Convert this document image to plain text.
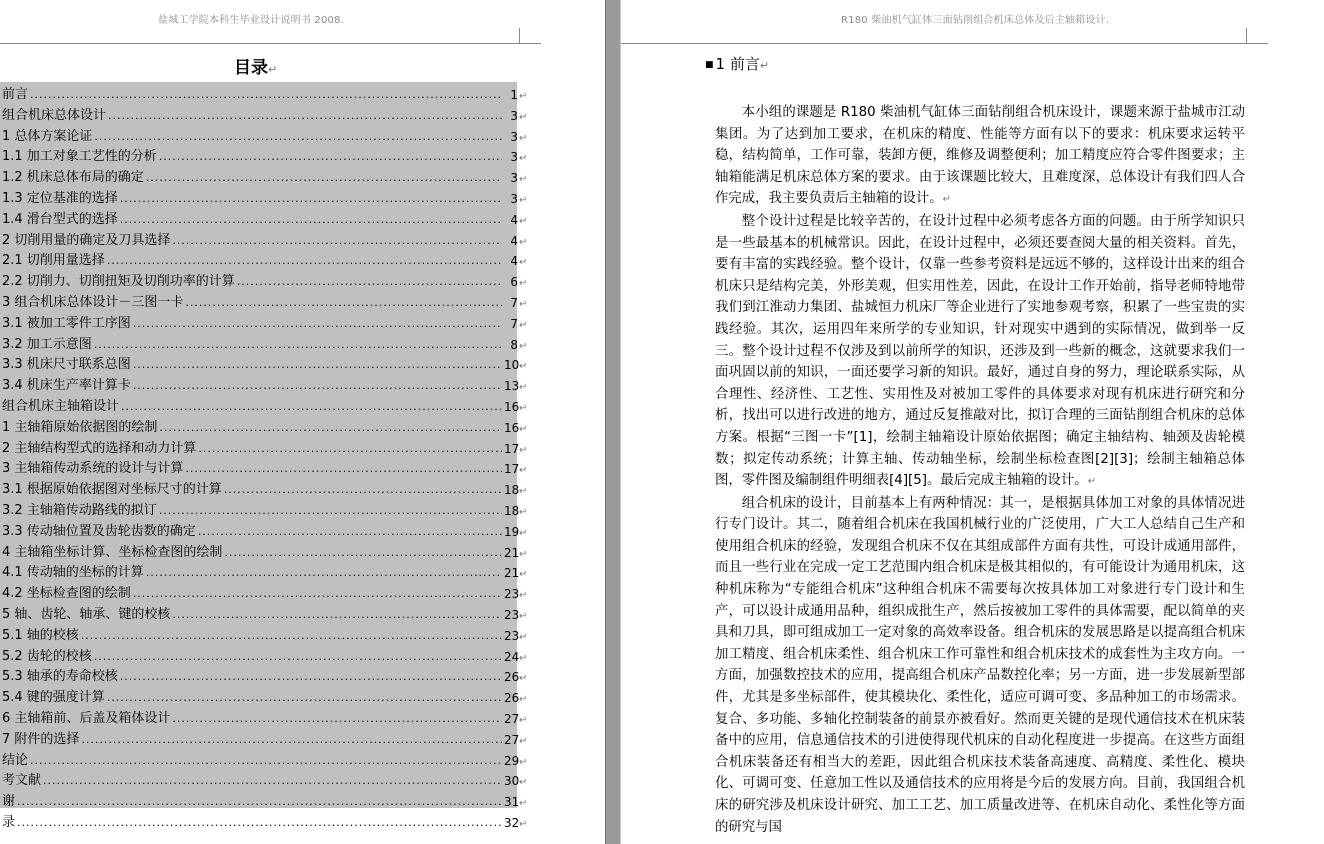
盐城工学院本科生毕业设计说明书 2008.
目录↵
前言 .....	1 ↵
组合机床总体设计 .....	3 ↵
1 总体方案论证 .....	3 ↵
1.1 加工对象工艺性的分析 .....	3 ↵
1.2 机床总体布局的确定 .....	3 ↵
1.3 定位基准的选择 .....	3 ↵
1.4 滑台型式的选择 .....	4 ↵
2 切削用量的确定及刀具选择 .....	4 ↵
2.1 切削用量选择 .....	4 ↵
2.2 切削力、切削扭矩及切削功率的计算 .....	6 ↵
3 组合机床总体设计－三图一卡 .....	7 ↵
3.1 被加工零件工序图 .....	7 ↵
3.2 加工示意图 .....	8 ↵
3.3 机床尺寸联系总图 .....	10 ↵
3.4 机床生产率计算卡 .....	13 ↵
组合机床主轴箱设计 .....	16 ↵
1 主轴箱原始依据图的绘制 .....	16 ↵
2 主轴结构型式的选择和动力计算 .....	17 ↵
3 主轴箱传动系统的设计与计算 .....	17 ↵
3.1 根据原始依据图对坐标尺寸的计算 .....	18 ↵
3.2 主轴箱传动路线的拟订 .....	18 ↵
3.3 传动轴位置及齿轮齿数的确定 .....	19 ↵
4 主轴箱坐标计算、坐标检查图的绘制 .....	21 ↵
4.1 传动轴的坐标的计算 .....	21 ↵
4.2 坐标检查图的绘制 .....	23 ↵
5 轴、齿轮、轴承、键的校核 .....	23 ↵
5.1 轴的校核 .....	23 ↵
5.2 齿轮的校核 .....	24 ↵
5.3 轴承的寿命校核 .....	26 ↵
5.4 键的强度计算 .....	26 ↵
6 主轴箱前、后盖及箱体设计 .....	27 ↵
7 附件的选择 .....	27 ↵
结论 .....	29 ↵
考文献 .....	30 ↵
谢 .....	31 ↵
录 .....	32 ↵
R180 柴油机气缸体三面钻削组合机床总体及后主轴箱设计.
■ 1 前言↵

本小组的课题是 R180 柴油机气缸体三面钻削组合机床设计，课题来源于盐城市江动集团。为了达到加工要求，在机床的精度、性能等方面有以下的要求：机床要求运转平稳，结构简单，工作可靠，装卸方便，维修及调整便利；加工精度应符合零件图要求；主轴箱能满足机床总体方案的要求。由于该课题比较大，且难度深，总体设计有我们四人合作完成，我主要负责后主轴箱的设计。↵

整个设计过程是比较辛苦的，在设计过程中必须考虑各方面的问题。由于所学知识只是一些最基本的机械常识。因此，在设计过程中，必须还要查阅大量的相关资料。首先，要有丰富的实践经验。整个设计，仅靠一些参考资料是远远不够的，这样设计出来的组合机床只是结构完美，外形美观，但实用性差，因此，在设计工作开始前，指导老师特地带我们到江淮动力集团、盐城恒力机床厂等企业进行了实地参观考察，积累了一些宝贵的实践经验。其次，运用四年来所学的专业知识，针对现实中遇到的实际情况，做到举一反三。整个设计过程不仅涉及到以前所学的知识，还涉及到一些新的概念，这就要求我们一面巩固以前的知识，一面还要学习新的知识。最好，通过自身的努力，理论联系实际，从合理性、经济性、工艺性、实用性及对被加工零件的具体要求对现有机床进行研究和分析，找出可以进行改进的地方，通过反复推敲对比，拟订合理的三面钻削组合机床的总体方案。根据“三图一卡”[1]，绘制主轴箱设计原始依据图；确定主轴结构、轴颈及齿轮模数；拟定传动系统；计算主轴、传动轴坐标，绘制坐标检查图[2][3]；绘制主轴箱总体图，零件图及编制组件明细表[4][5]。最后完成主轴箱的设计。↵

组合机床的设计，目前基本上有两种情况：其一，是根据具体加工对象的具体情况进行专门设计。其二，随着组合机床在我国机械行业的广泛使用，广大工人总结自己生产和使用组合机床的经验，发现组合机床不仅在其组成部件方面有共性，可设计成通用部件，而且一些行业在完成一定工艺范围内组合机床是极其相似的，有可能设计为通用机床，这种机床称为“专能组合机床”这种组合机床不需要每次按具体加工对象进行专门设计和生产，可以设计成通用品种，组织成批生产，然后按被加工零件的具体需要，配以简单的夹具和刀具，即可组成加工一定对象的高效率设备。组合机床的发展思路是以提高组合机床加工精度、组合机床柔性、组合机床工作可靠性和组合机床技术的成套性为主攻方向。一方面，加强数控技术的应用，提高组合机床产品数控化率；另一方面，进一步发展新型部件，尤其是多坐标部件，使其模块化、柔性化，适应可调可变、多品种加工的市场需求。复合、多功能、多轴化控制装备的前景亦被看好。然而更关键的是现代通信技术在机床装备中的应用，信息通信技术的引进使得现代机床的自动化程度进一步提高。在这些方面组合机床装备还有相当大的差距，因此组合机床技术装备高速度、高精度、柔性化、模块化、可调可变、任意加工性以及通信技术的应用将是今后的发展方向。目前，我国组合机床的研究涉及机床设计研究、加工工艺、加工质量改进等、在机床自动化、柔性化等方面的研究与国
